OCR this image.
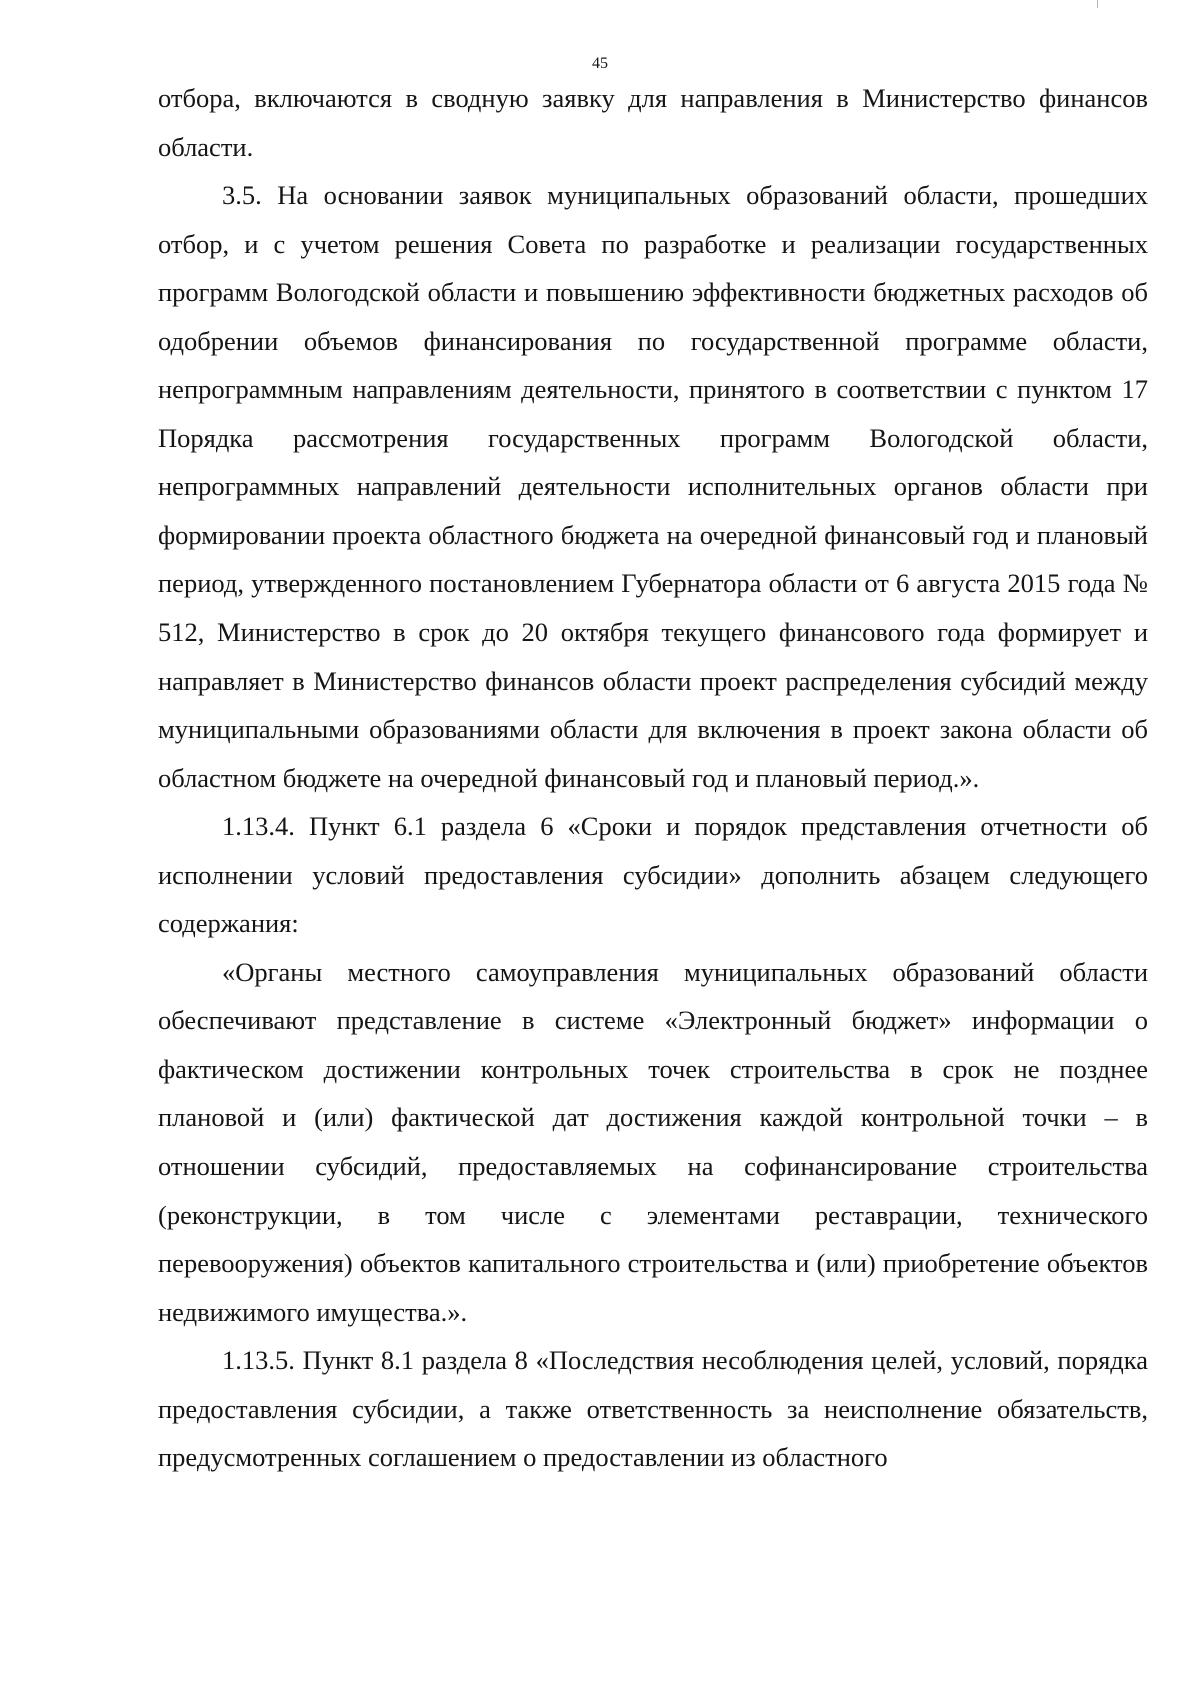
45

отбора, включаются в сводную заявку для направления в Министерство финансов области.

3.5. На основании заявок муниципальных образований области, прошедших отбор, и с учетом решения Совета по разработке и реализации государственных программ Вологодской области и повышению эффективности бюджетных расходов об одобрении объемов финансирования по государственной программе области, непрограммным направлениям деятельности, принятого в соответствии с пунктом 17 Порядка рассмотрения государственных программ Вологодской области, непрограммных направлений деятельности исполнительных органов области при формировании проекта областного бюджета на очередной финансовый год и плановый период, утвержденного постановлением Губернатора области от 6 августа 2015 года № 512, Министерство в срок до 20 октября текущего финансового года формирует и направляет в Министерство финансов области проект распределения субсидий между муниципальными образованиями области для включения в проект закона области об областном бюджете на очередной финансовый год и плановый период.».

1.13.4. Пункт 6.1 раздела 6 «Сроки и порядок представления отчетности об исполнении условий предоставления субсидии» дополнить абзацем следующего содержания:

«Органы местного самоуправления муниципальных образований области обеспечивают представление в системе «Электронный бюджет» информации о фактическом достижении контрольных точек строительства в срок не позднее плановой и (или) фактической дат достижения каждой контрольной точки – в отношении субсидий, предоставляемых на софинансирование строительства (реконструкции, в том числе с элементами реставрации, технического перевооружения) объектов капитального строительства и (или) приобретение объектов недвижимого имущества.».

1.13.5. Пункт 8.1 раздела 8 «Последствия несоблюдения целей, условий, порядка предоставления субсидии, а также ответственность за неисполнение обязательств, предусмотренных соглашением о предоставлении из областного
